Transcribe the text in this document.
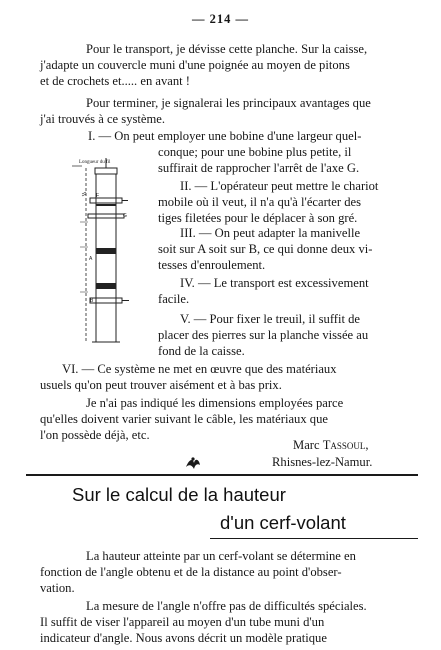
— 214 —
Pour le transport, je dévisse cette planche. Sur la caisse,
j'adapte un couvercle muni d'une poignée au moyen de pitons
et de crochets et..... en avant !
Pour terminer, je signalerai les principaux avantages que
j'ai trouvés à ce système.
I. — On peut employer une bobine d'une largeur quel-
conque; pour une bobine plus petite, il
suffirait de rapprocher l'arrêt de l'axe G.
Longueur du fil
F
G
A
B
II. — L'opérateur peut mettre le chariot
mobile où il veut, il n'a qu'à l'écarter des
tiges filetées pour le déplacer à son gré.
III. — On peut adapter la manivelle
soit sur A soit sur B, ce qui donne deux vi-
tesses d'enroulement.
IV. — Le transport est excessivement
facile.
V. — Pour fixer le treuil, il suffit de
placer des pierres sur la planche vissée au
fond de la caisse.
VI. — Ce système ne met en œuvre que des matériaux
usuels qu'on peut trouver aisément et à bas prix.
Je n'ai pas indiqué les dimensions employées parce
qu'elles doivent varier suivant le câble, les matériaux que
l'on possède déjà, etc.
Marc Tassoul,
Rhisnes-lez-Namur.
Sur le calcul de la hauteur
d'un cerf-volant
La hauteur atteinte par un cerf-volant se détermine en
fonction de l'angle obtenu et de la distance au point d'obser-
vation.
La mesure de l'angle n'offre pas de difficultés spéciales.
Il suffit de viser l'appareil au moyen d'un tube muni d'un
indicateur d'angle. Nous avons décrit un modèle pratique
